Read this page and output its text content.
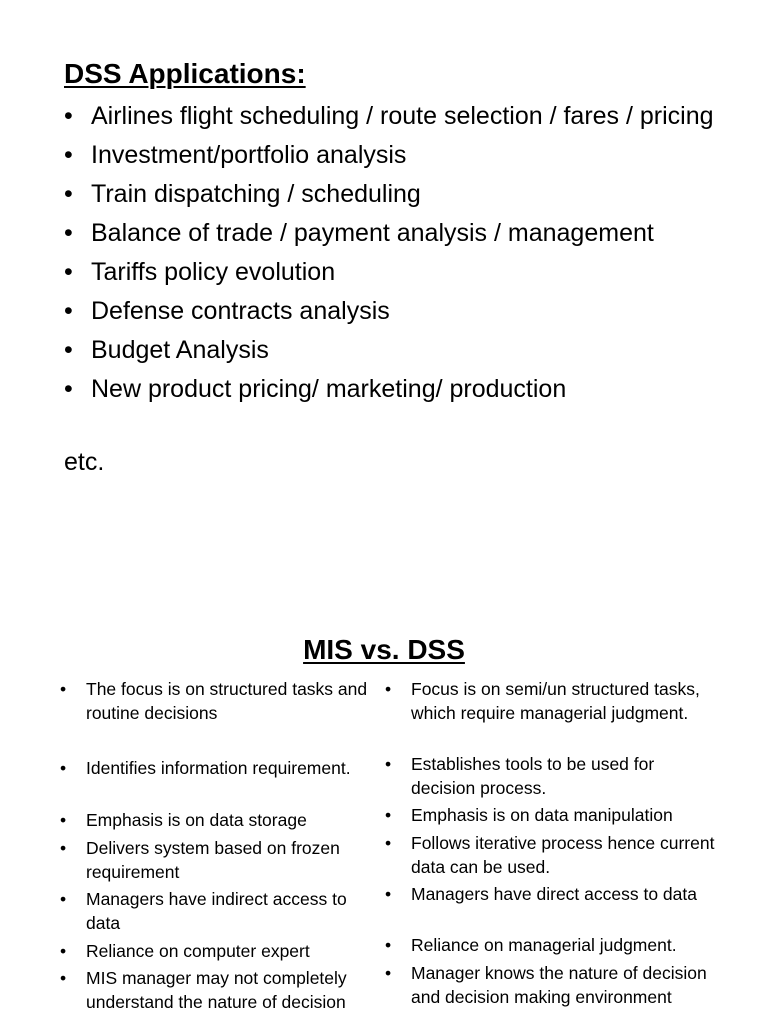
DSS Applications:
• Airlines flight scheduling / route selection / fares / pricing
• Investment/portfolio analysis
• Train dispatching / scheduling
• Balance of trade / payment analysis / management
• Tariffs policy evolution
• Defense contracts analysis
• Budget Analysis
• New product pricing/ marketing/ production
etc.
MIS vs. DSS
• The focus is on structured tasks and routine decisions
• Identifies information requirement.
• Emphasis is on data storage
• Delivers system based on frozen requirement
• Managers have indirect access to data
• Reliance on computer expert
• MIS manager may not completely understand the nature of decision
• Focus is on semi/un structured tasks, which require managerial judgment.
• Establishes tools to be used for decision process.
• Emphasis is on data manipulation
• Follows iterative process hence current data can be used.
• Managers have direct access to data
• Reliance on managerial judgment.
• Manager knows the nature of decision and decision making environment
